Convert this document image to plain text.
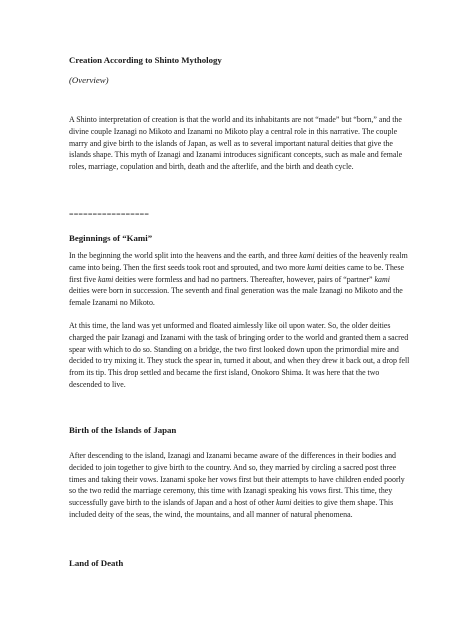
Creation According to Shinto Mythology

(Overview)

A Shinto interpretation of creation is that the world and its inhabitants are not “made” but “born,” and the divine couple Izanagi no Mikoto and Izanami no Mikoto play a central role in this narrative. The couple marry and give birth to the islands of Japan, as well as to several important natural deities that give the islands shape. This myth of Izanagi and Izanami introduces significant concepts, such as male and female roles, marriage, copulation and birth, death and the afterlife, and the birth and death cycle.

=================

Beginnings of “Kami”

In the beginning the world split into the heavens and the earth, and three kami deities of the heavenly realm came into being. Then the first seeds took root and sprouted, and two more kami deities came to be. These first five kami deities were formless and had no partners. Thereafter, however, pairs of “partner” kami deities were born in succession. The seventh and final generation was the male Izanagi no Mikoto and the female Izanami no Mikoto.

At this time, the land was yet unformed and floated aimlessly like oil upon water. So, the older deities charged the pair Izanagi and Izanami with the task of bringing order to the world and granted them a sacred spear with which to do so. Standing on a bridge, the two first looked down upon the primordial mire and decided to try mixing it. They stuck the spear in, turned it about, and when they drew it back out, a drop fell from its tip. This drop settled and became the first island, Onokoro Shima. It was here that the two descended to live.

Birth of the Islands of Japan

After descending to the island, Izanagi and Izanami became aware of the differences in their bodies and decided to join together to give birth to the country. And so, they married by circling a sacred post three times and taking their vows. Izanami spoke her vows first but their attempts to have children ended poorly so the two redid the marriage ceremony, this time with Izanagi speaking his vows first. This time, they successfully gave birth to the islands of Japan and a host of other kami deities to give them shape. This included deity of the seas, the wind, the mountains, and all manner of natural phenomena.

Land of Death
